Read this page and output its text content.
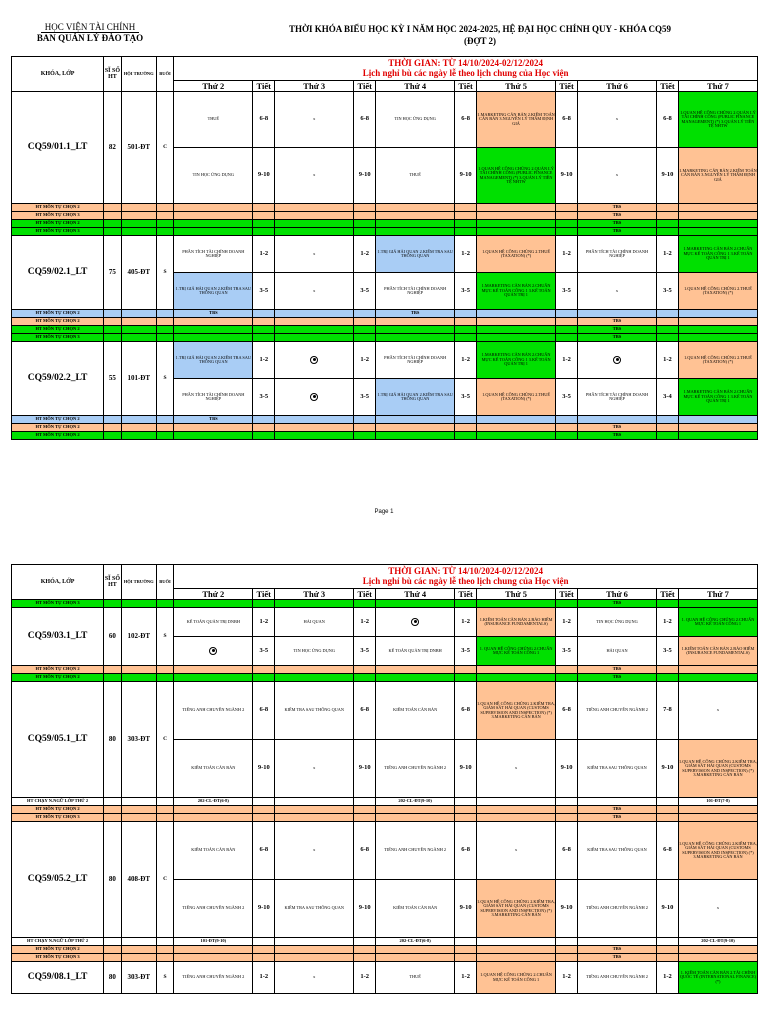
HỌC VIỆN TÀI CHÍNH
BAN QUẢN LÝ ĐÀO TẠO
THỜI KHÓA BIỂU HỌC KỲ I NĂM HỌC 2024-2025, HỆ ĐẠI HỌC CHÍNH QUY - KHÓA CQ59
(ĐỢT 2)
KHÓA, LỚP	SĨ SỐ HT	HỘI TRƯỜNG	BUỔI	THỜI GIAN: TỪ 14/10/2024-02/12/2024
Lịch nghỉ bù các ngày lễ theo lịch chung của Học viện										

				Thứ 2	Tiết	Thứ 3	Tiết	Thứ 4	Tiết	Thứ 5	Tiết	Thứ 6	Tiết	Thứ 7
CQ59/01.1_LT	82	501-ĐT	C	THUẾ	6-8	x	6-8	TIN HỌC ỨNG DỤNG	6-8	1.MARKETING CĂN BẢN 2.KIỂM TOÁN CĂN BẢN 3.NGUYÊN LÝ THẨM ĐỊNH GIÁ	6-8	x	6-8	1.QUAN HỆ CÔNG CHÚNG 2.QUẢN LÝ TÀI CHÍNH CÔNG (PUBLIC FINANCE MANAGEMENT) (*) 3.QUẢN LÝ TIỀN TỆ NHTW
				TIN HỌC ỨNG DỤNG	9-10	x	9-10	THUẾ	9-10	1.QUAN HỆ CÔNG CHÚNG 2.QUẢN LÝ TÀI CHÍNH CÔNG (PUBLIC FINANCE MANAGEMENT) (*) 3.QUẢN LÝ TIỀN TỆ NHTW	9-10	x	9-10	1.MARKETING CĂN BẢN 2.KIỂM TOÁN CĂN BẢN 3.NGUYÊN LÝ THẨM ĐỊNH GIÁ
HT MÔN TỰ CHỌN 2												TBS		
HT MÔN TỰ CHỌN 3												TBS		
HT MÔN TỰ CHỌN 2												TBS		
HT MÔN TỰ CHỌN 3												TBS		
CQ59/02.1_LT	75	405-ĐT	S	PHÂN TÍCH TÀI CHÍNH DOANH NGHIỆP	1-2	x	1-2	1.TRỊ GIÁ HẢI QUAN 2.KIỂM TRA SAU THÔNG QUAN	1-2	1.QUAN HỆ CÔNG CHÚNG 2.THUẾ (TAXATION) (*)	1-2	PHÂN TÍCH TÀI CHÍNH DOANH NGHIỆP	1-2	1.MARKETING CĂN BẢN 2.CHUẨN MỰC KẾ TOÁN CÔNG 1 3.KẾ TOÁN QUẢN TRỊ 1
				1.TRỊ GIÁ HẢI QUAN 2.KIỂM TRA SAU THÔNG QUAN	3-5	x	3-5	PHÂN TÍCH TÀI CHÍNH DOANH NGHIỆP	3-5	1.MARKETING CĂN BẢN 2.CHUẨN MỰC KẾ TOÁN CÔNG 1 3.KẾ TOÁN QUẢN TRỊ 1	3-5	x	3-5	1.QUAN HỆ CÔNG CHÚNG 2.THUẾ (TAXATION) (*)
HT MÔN TỰ CHỌN 2				TBS				TBS						
HT MÔN TỰ CHỌN 2												TBS		
HT MÔN TỰ CHỌN 2												TBS		
HT MÔN TỰ CHỌN 3												TBS		
CQ59/02.2_LT	55	101-ĐT	S	1.TRỊ GIÁ HẢI QUAN 2.KIỂM TRA SAU THÔNG QUAN	1-2		1-2	PHÂN TÍCH TÀI CHÍNH DOANH NGHIỆP	1-2	1.MARKETING CĂN BẢN 2.CHUẨN MỰC KẾ TOÁN CÔNG 1 3.KẾ TOÁN QUẢN TRỊ 1	1-2		1-2	1.QUAN HỆ CÔNG CHÚNG 2.THUẾ (TAXATION) (*)
				PHÂN TÍCH TÀI CHÍNH DOANH NGHIỆP	3-5		3-5	1.TRỊ GIÁ HẢI QUAN 2.KIỂM TRA SAU THÔNG QUAN	3-5	1.QUAN HỆ CÔNG CHÚNG 2.THUẾ (TAXATION) (*)	3-5	PHÂN TÍCH TÀI CHÍNH DOANH NGHIỆP	3-4	1.MARKETING CĂN BẢN 2.CHUẨN MỰC KẾ TOÁN CÔNG 1 3.KẾ TOÁN QUẢN TRỊ 1
HT MÔN TỰ CHỌN 2				TBS										
HT MÔN TỰ CHỌN 2												TBS		
HT MÔN TỰ CHỌN 2												TBS		
Page 1
KHÓA, LỚP	SĨ SỐ HT	HỘI TRƯỜNG	BUỔI	THỜI GIAN: TỪ 14/10/2024-02/12/2024
Lịch nghỉ bù các ngày lễ theo lịch chung của Học viện										

				Thứ 2	Tiết	Thứ 3	Tiết	Thứ 4	Tiết	Thứ 5	Tiết	Thứ 6	Tiết	Thứ 7
HT MÔN TỰ CHỌN 3												TBS		
CQ59/03.1_LT	60	102-ĐT	S	KẾ TOÁN QUẢN TRỊ DNBH	1-2	HẢI QUAN	1-2		1-2	1.KIỂM TOÁN CĂN BẢN 2.BẢO HIỂM (INSURANCE FUNDAMENTALS)	1-2	TIN HỌC ỨNG DỤNG	1-2	1. QUAN HỆ CÔNG CHÚNG 2.CHUẨN MỰC KẾ TOÁN CÔNG 1
					3-5	TIN HỌC ỨNG DỤNG	3-5	KẾ TOÁN QUẢN TRỊ DNBH	3-5	1. QUAN HỆ CÔNG CHÚNG 2.CHUẨN MỰC KẾ TOÁN CÔNG 1	3-5	HẢI QUAN	3-5	1.KIỂM TOÁN CĂN BẢN 2.BẢO HIỂM (INSURANCE FUNDAMENTALS)
HT MÔN TỰ CHỌN 2												TBS		
HT MÔN TỰ CHỌN 2												TBS		
CQ59/05.1_LT	80	303-ĐT	C	TIẾNG ANH CHUYÊN NGÀNH 2	6-8	KIỂM TRA SAU THÔNG QUAN	6-8	KIỂM TOÁN CĂN BẢN	6-8	1.QUAN HỆ CÔNG CHÚNG 2.KIỂM TRA, GIÁM SÁT HẢI QUAN (CUSTOMS SUPERVISION AND INSPECTION) (*) 3.MARKETING CĂN BẢN	6-8	TIẾNG ANH CHUYÊN NGÀNH 2	7-8	x
				KIỂM TOÁN CĂN BẢN	9-10	x	9-10	TIẾNG ANH CHUYÊN NGÀNH 2	9-10	x	9-10	KIỂM TRA SAU THÔNG QUAN	9-10	1.QUAN HỆ CÔNG CHÚNG 2.KIỂM TRA, GIÁM SÁT HẢI QUAN (CUSTOMS SUPERVISION AND INSPECTION) (*) 3.MARKETING CĂN BẢN
HT CHẠY N.NGỮ LỚP THỨ 2				202-CL-ĐT(6-8)				202-CL-ĐT(9-10)						101-ĐT(7-8)
HT MÔN TỰ CHỌN 2												TBS		
HT MÔN TỰ CHỌN 3												TBS		
CQ59/05.2_LT	80	408-ĐT	C	KIỂM TOÁN CĂN BẢN	6-8	x	6-8	TIẾNG ANH CHUYÊN NGÀNH 2	6-8	x	6-8	KIỂM TRA SAU THÔNG QUAN	6-8	1.QUAN HỆ CÔNG CHÚNG 2.KIỂM TRA, GIÁM SÁT HẢI QUAN (CUSTOMS SUPERVISION AND INSPECTION) (*) 3.MARKETING CĂN BẢN
				TIẾNG ANH CHUYÊN NGÀNH 2	9-10	KIỂM TRA SAU THÔNG QUAN	9-10	KIỂM TOÁN CĂN BẢN	9-10	1.QUAN HỆ CÔNG CHÚNG 2.KIỂM TRA, GIÁM SÁT HẢI QUAN (CUSTOMS SUPERVISION AND INSPECTION) (*) 3.MARKETING CĂN BẢN	9-10	TIẾNG ANH CHUYÊN NGÀNH 2	9-10	x
HT CHẠY N.NGỮ LỚP THỨ 2				101-ĐT(9-10)				202-CL-ĐT(6-8)						202-CL-ĐT(9-10)
HT MÔN TỰ CHỌN 2												TBS		
HT MÔN TỰ CHỌN 3												TBS		
CQ59/08.1_LT	80	303-ĐT	S	TIẾNG ANH CHUYÊN NGÀNH 2	1-2	x	1-2	THUẾ	1-2	1.QUAN HỆ CÔNG CHÚNG 2.CHUẨN MỰC KẾ TOÁN CÔNG 1	1-2	TIẾNG ANH CHUYÊN NGÀNH 2	1-2	1. KIỂM TOÁN CĂN BẢN 2.TÀI CHÍNH QUỐC TẾ (INTERNATIONAL FINANCE) (*)
